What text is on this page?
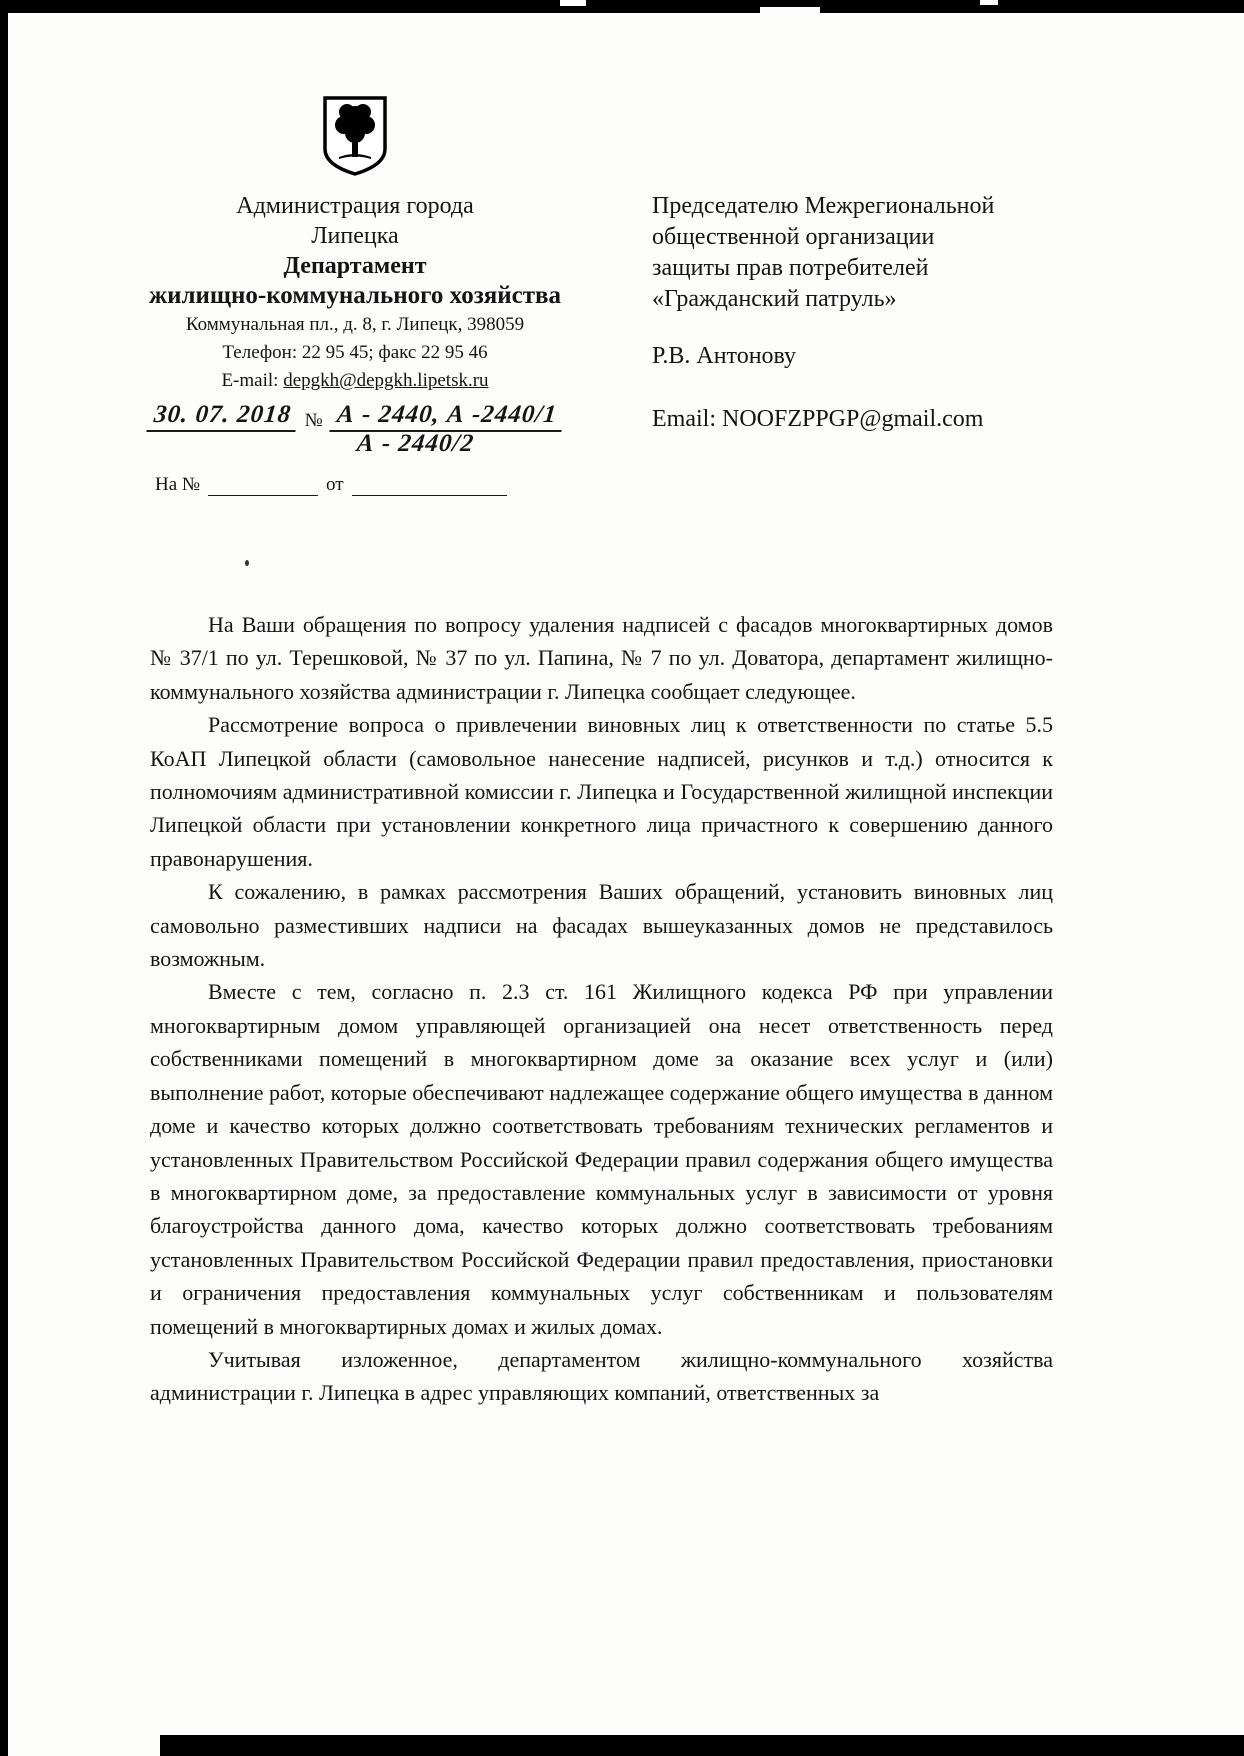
Администрация города
Липецка
Департамент
жилищно-коммунального хозяйства
Коммунальная пл., д. 8, г. Липецк, 398059
Телефон: 22 95 45; факс 22 95 46
E-mail: depgkh@depgkh.lipetsk.ru
30. 07. 2018 № А - 2440, А -2440/1
А - 2440/2
На №	от
Председателю Межрегиональной
общественной организации
защиты прав потребителей
«Гражданский патруль»
Р.В. Антонову
Email: NOOFZPPGP@gmail.com

На Ваши обращения по вопросу удаления надписей с фасадов многоквартирных домов № 37/1 по ул. Терешковой, № 37 по ул. Папина, № 7 по ул. Доватора, департамент жилищно-коммунального хозяйства администрации г. Липецка сообщает следующее.

Рассмотрение вопроса о привлечении виновных лиц к ответственности по статье 5.5 КоАП Липецкой области (самовольное нанесение надписей, рисунков и т.д.) относится к полномочиям административной комиссии г. Липецка и Государственной жилищной инспекции Липецкой области при установлении конкретного лица причастного к совершению данного правонарушения.

К сожалению, в рамках рассмотрения Ваших обращений, установить виновных лиц самовольно разместивших надписи на фасадах вышеуказанных домов не представилось возможным.

Вместе с тем, согласно п. 2.3 ст. 161 Жилищного кодекса РФ при управлении многоквартирным домом управляющей организацией она несет ответственность перед собственниками помещений в многоквартирном доме за оказание всех услуг и (или) выполнение работ, которые обеспечивают надлежащее содержание общего имущества в данном доме и качество которых должно соответствовать требованиям технических регламентов и установленных Правительством Российской Федерации правил содержания общего имущества в многоквартирном доме, за предоставление коммунальных услуг в зависимости от уровня благоустройства данного дома, качество которых должно соответствовать требованиям установленных Правительством Российской Федерации правил предоставления, приостановки и ограничения предоставления коммунальных услуг собственникам и пользователям помещений в многоквартирных домах и жилых домах.

Учитывая изложенное, департаментом жилищно-коммунального хозяйства администрации г. Липецка в адрес управляющих компаний, ответственных за
